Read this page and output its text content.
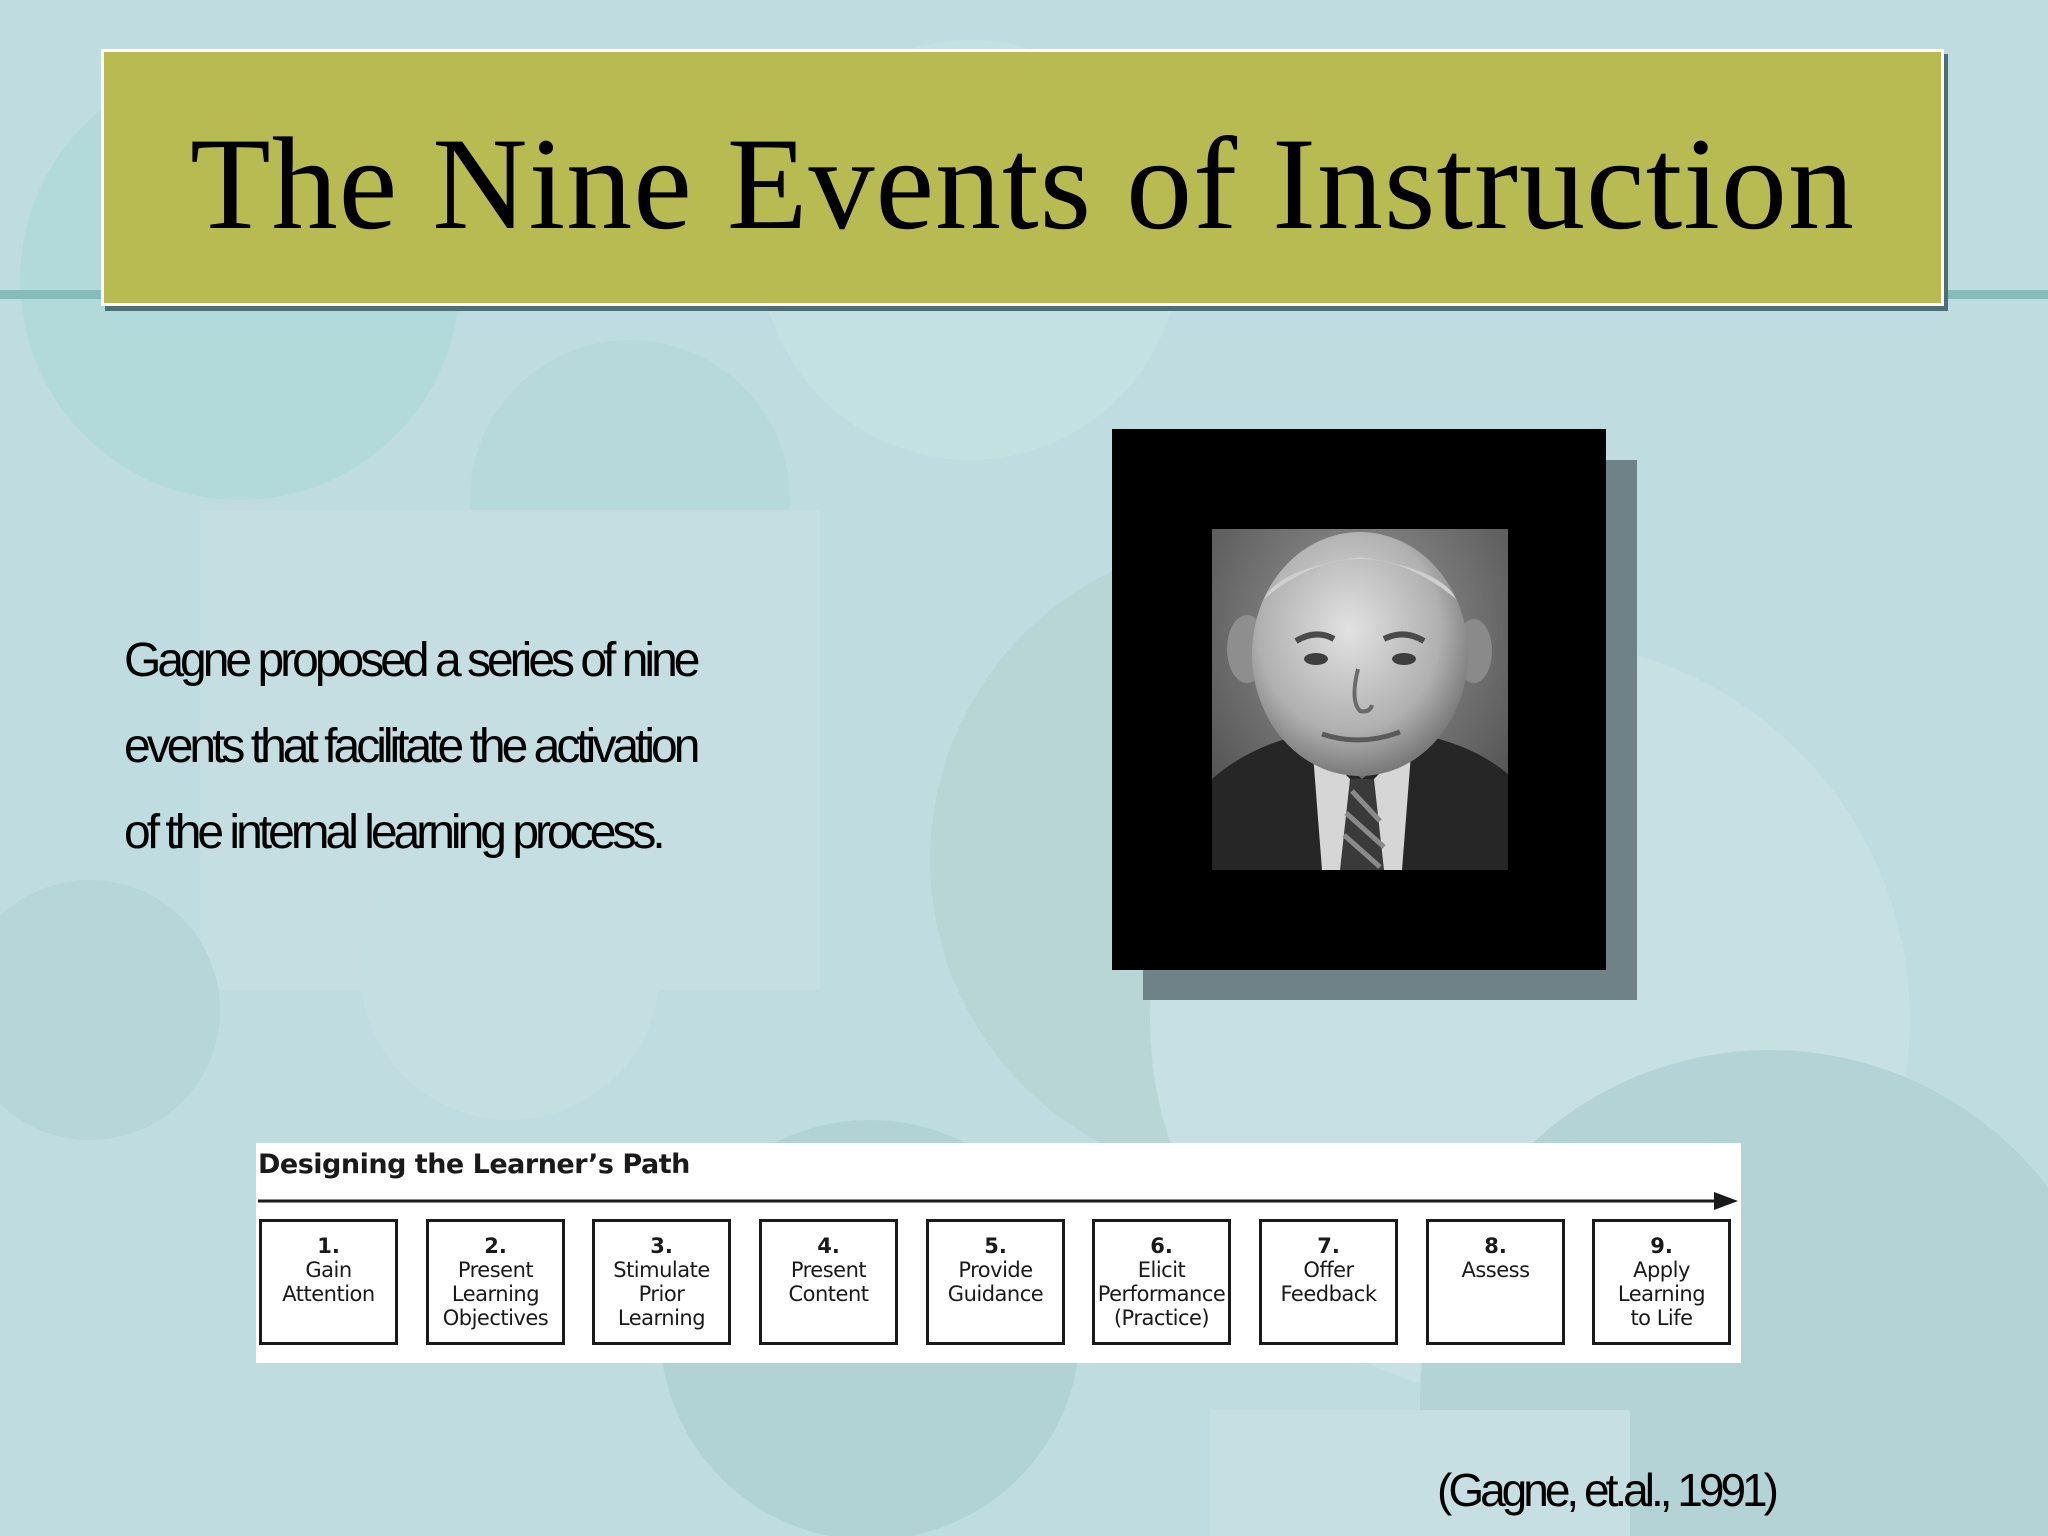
The Nine Events of Instruction
Gagne proposed a series of nine
events that facilitate the activation
of the internal learning process.
Designing the Learner’s Path
1.
Gain
Attention
2.
Present
Learning
Objectives
3.
Stimulate
Prior
Learning
4.
Present
Content
5.
Provide
Guidance
6.
Elicit
Performance
(Practice)
7.
Offer
Feedback
8.
Assess
9.
Apply
Learning
to Life
(Gagne, et.al., 1991)
